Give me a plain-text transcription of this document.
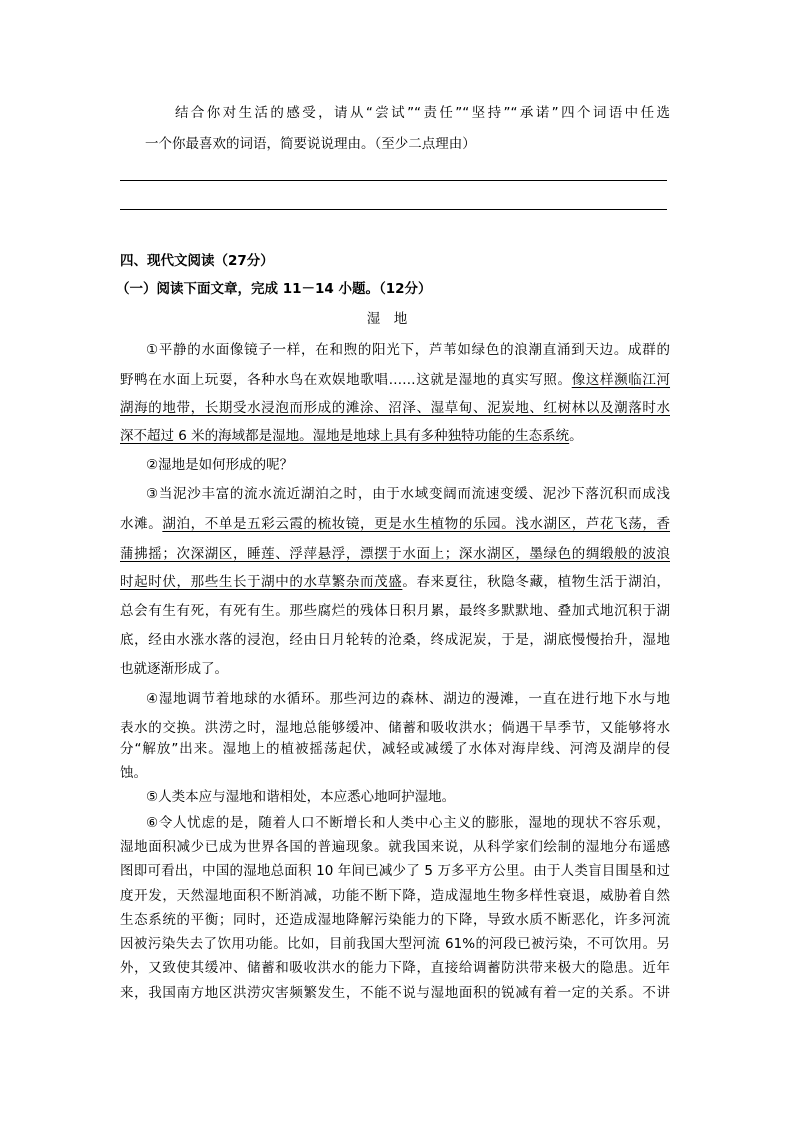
结合你对生活的感受，请从“尝试”“责任”“坚持”“承诺”四个词语中任选
一个你最喜欢的词语，简要说说理由。（至少二点理由）
四、现代文阅读（27分）
（一）阅读下面文章，完成 11－14 小题。（12分）
湿　地
①平静的水面像镜子一样，在和煦的阳光下，芦苇如绿色的浪潮直涌到天边。成群的
野鸭在水面上玩耍，各种水鸟在欢娱地歌唱……这就是湿地的真实写照。像这样濒临江河
湖海的地带，长期受水浸泡而形成的滩涂、沼泽、湿草甸、泥炭地、红树林以及潮落时水
深不超过 6 米的海域都是湿地。湿地是地球上具有多种独特功能的生态系统。
②湿地是如何形成的呢？
③当泥沙丰富的流水流近湖泊之时，由于水域变阔而流速变缓、泥沙下落沉积而成浅
水滩。湖泊，不单是五彩云霞的梳妆镜，更是水生植物的乐园。浅水湖区，芦花飞荡，香
蒲拂摇；次深湖区，睡莲、浮萍悬浮，漂摆于水面上；深水湖区，墨绿色的绸缎般的波浪
时起时伏，那些生长于湖中的水草繁杂而茂盛。春来夏往，秋隐冬藏，植物生活于湖泊，
总会有生有死，有死有生。那些腐烂的残体日积月累，最终多默默地、叠加式地沉积于湖
底，经由水涨水落的浸泡，经由日月轮转的沧桑，终成泥炭，于是，湖底慢慢抬升，湿地
也就逐渐形成了。
④湿地调节着地球的水循环。那些河边的森林、湖边的漫滩，一直在进行地下水与地
表水的交换。洪涝之时，湿地总能够缓冲、储蓄和吸收洪水；倘遇干旱季节，又能够将水
分“解放”出来。湿地上的植被摇荡起伏，减轻或减缓了水体对海岸线、河湾及湖岸的侵
蚀。
⑤人类本应与湿地和谐相处，本应悉心地呵护湿地。
⑥令人忧虑的是，随着人口不断增长和人类中心主义的膨胀，湿地的现状不容乐观，
湿地面积减少已成为世界各国的普遍现象。就我国来说，从科学家们绘制的湿地分布遥感
图即可看出，中国的湿地总面积 10 年间已减少了 5 万多平方公里。由于人类盲目围垦和过
度开发，天然湿地面积不断消减，功能不断下降，造成湿地生物多样性衰退，威胁着自然
生态系统的平衡；同时，还造成湿地降解污染能力的下降，导致水质不断恶化，许多河流
因被污染失去了饮用功能。比如，目前我国大型河流 61%的河段已被污染，不可饮用。另
外，又致使其缓冲、储蓄和吸收洪水的能力下降，直接给调蓄防洪带来极大的隐患。近年
来，我国南方地区洪涝灾害频繁发生，不能不说与湿地面积的锐减有着一定的关系。不讲
